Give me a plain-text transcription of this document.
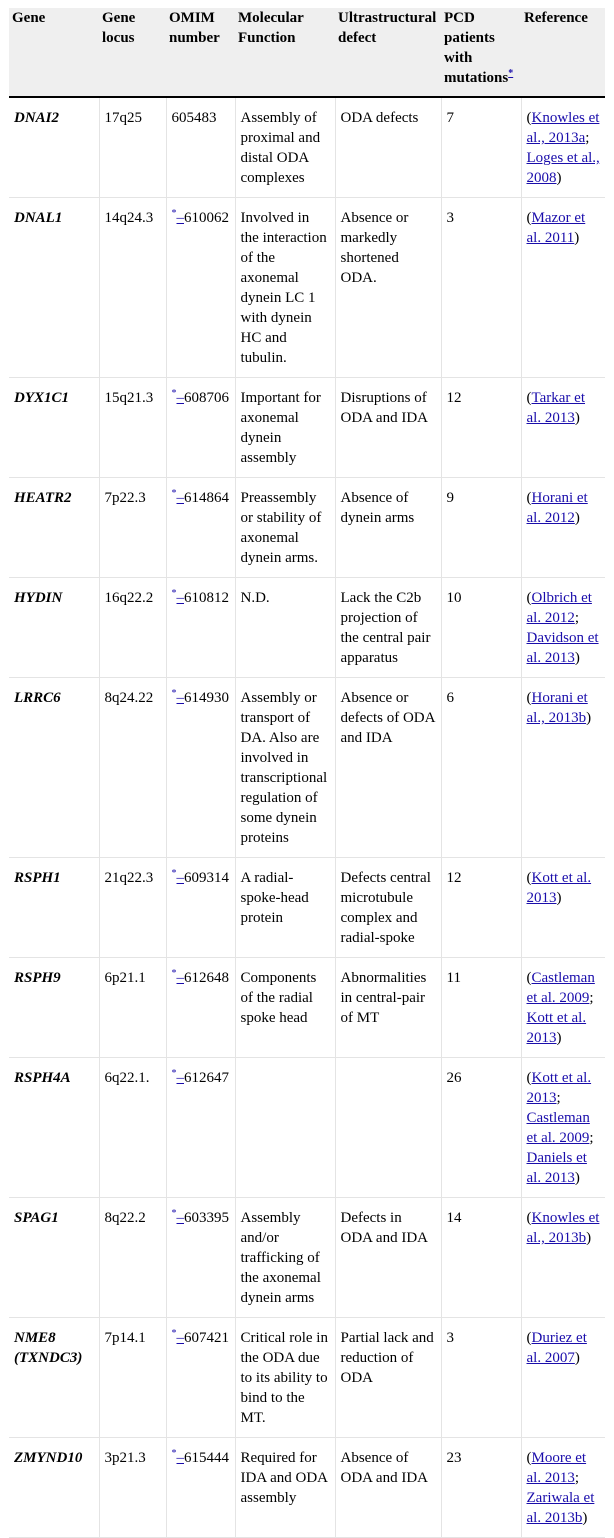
Gene	Gene locus	OMIM number	Molecular Function	Ultrastructural defect	PCD patients with mutations*	Reference
DNAI2	17q25	605483	Assembly of proximal and distal ODA complexes	ODA defects	7	(Knowles et al., 2013a; Loges et al., 2008)
DNAL1	14q24.3	*–610062	Involved in the interaction of the axonemal dynein LC 1 with dynein HC and tubulin.	Absence or markedly shortened ODA.	3	(Mazor et al. 2011)
DYX1C1	15q21.3	*–608706	Important for axonemal dynein assembly	Disruptions of ODA and IDA	12	(Tarkar et al. 2013)
HEATR2	7p22.3	*–614864	Preassembly or stability of axonemal dynein arms.	Absence of dynein arms	9	(Horani et al. 2012)
HYDIN	16q22.2	*–610812	N.D.	Lack the C2b projection of the central pair apparatus	10	(Olbrich et al. 2012; Davidson et al. 2013)
LRRC6	8q24.22	*–614930	Assembly or transport of DA. Also are involved in transcriptional regulation of some dynein proteins	Absence or defects of ODA and IDA	6	(Horani et al., 2013b)
RSPH1	21q22.3	*–609314	A radial-spoke-head protein	Defects central microtubule complex and radial-spoke	12	(Kott et al. 2013)
RSPH9	6p21.1	*–612648	Components of the radial spoke head	Abnormalities in central-pair of MT	11	(Castleman et al. 2009; Kott et al. 2013)
RSPH4A	6q22.1.	*–612647			26	(Kott et al. 2013; Castleman et al. 2009; Daniels et al. 2013)
SPAG1	8q22.2	*–603395	Assembly and/or trafficking of the axonemal dynein arms	Defects in ODA and IDA	14	(Knowles et al., 2013b)
NME8 (TXNDC3)	7p14.1	*–607421	Critical role in the ODA due to its ability to bind to the MT.	Partial lack and reduction of ODA	3	(Duriez et al. 2007)
ZMYND10	3p21.3	*–615444	Required for IDA and ODA assembly	Absence of ODA and IDA	23	(Moore et al. 2013; Zariwala et al. 2013b)
